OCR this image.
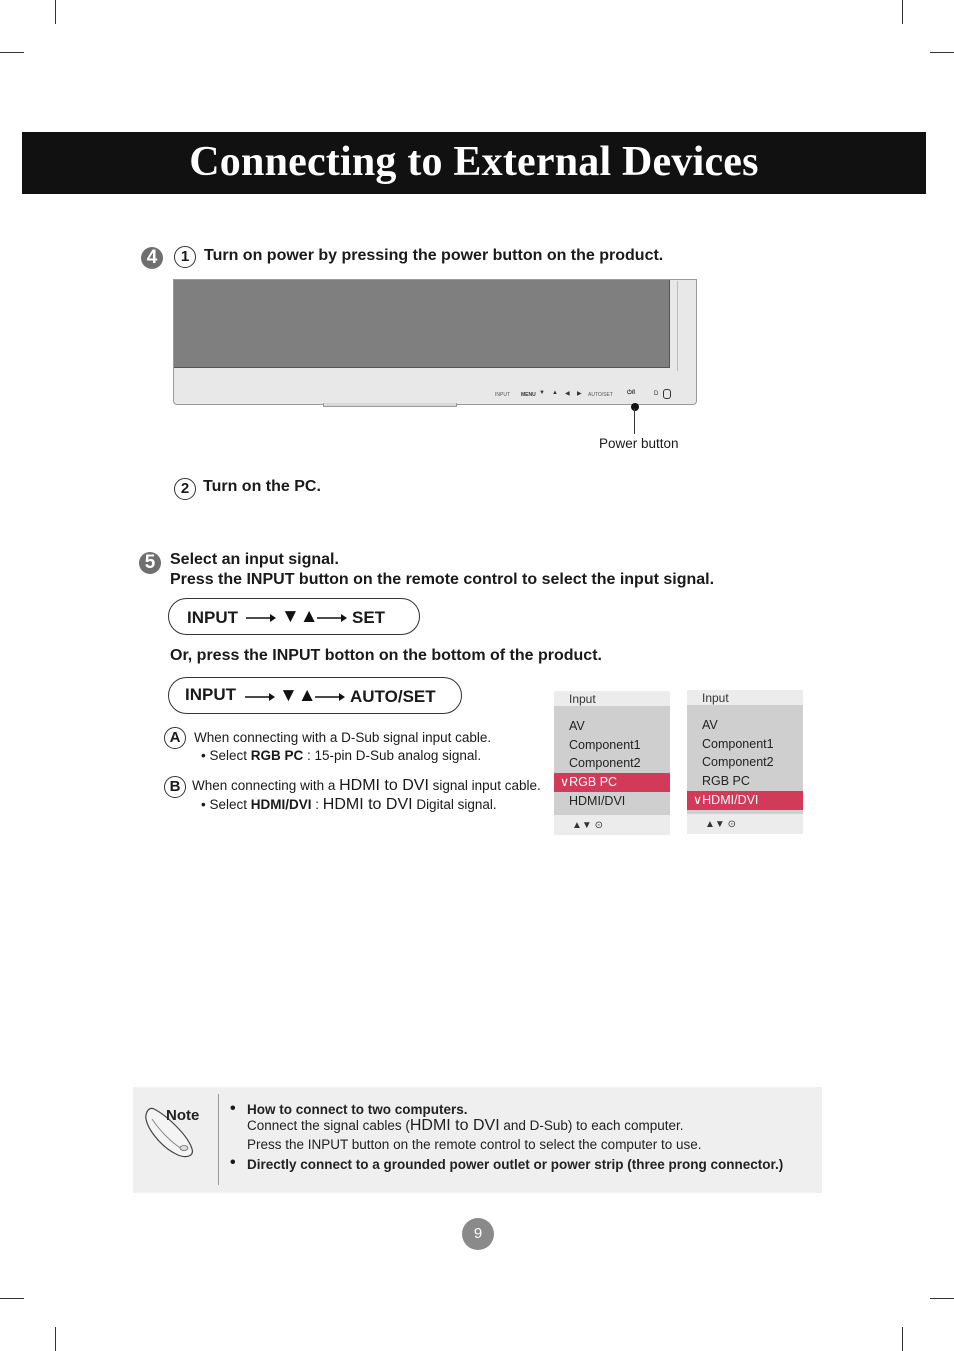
Connecting to External Devices
4	1 Turn on power by pressing the power button on the product.
INPUT MENU ▼ ▲ ◀ ▶ AUTO/SET ⏻/I	D
Power button
2 Turn on the PC.
5 Select an input signal.
Press the INPUT button on the remote control to select the input signal.
INPUT ▼▲ SET
Or, press the INPUT botton on the bottom of the product.
INPUT ▼▲ AUTO/SET
A	When connecting with a D-Sub signal input cable.
• Select RGB PC : 15-pin D-Sub analog signal.
B When connecting with a HDMI to DVI signal input cable.
• Select HDMI/DVI : HDMI to DVI Digital signal.
Input
AV
Component1
Component2
∨RGB PC
HDMI/DVI
▲▼ ⊙
Input
AV
Component1
Component2
RGB PC
∨HDMI/DVI
▲▼ ⊙
Note • How to connect to two computers.
Connect the signal cables (HDMI to DVI and D-Sub) to each computer.
Press the INPUT button on the remote control to select the computer to use.
• Directly connect to a grounded power outlet or power strip (three prong connector.)
9
